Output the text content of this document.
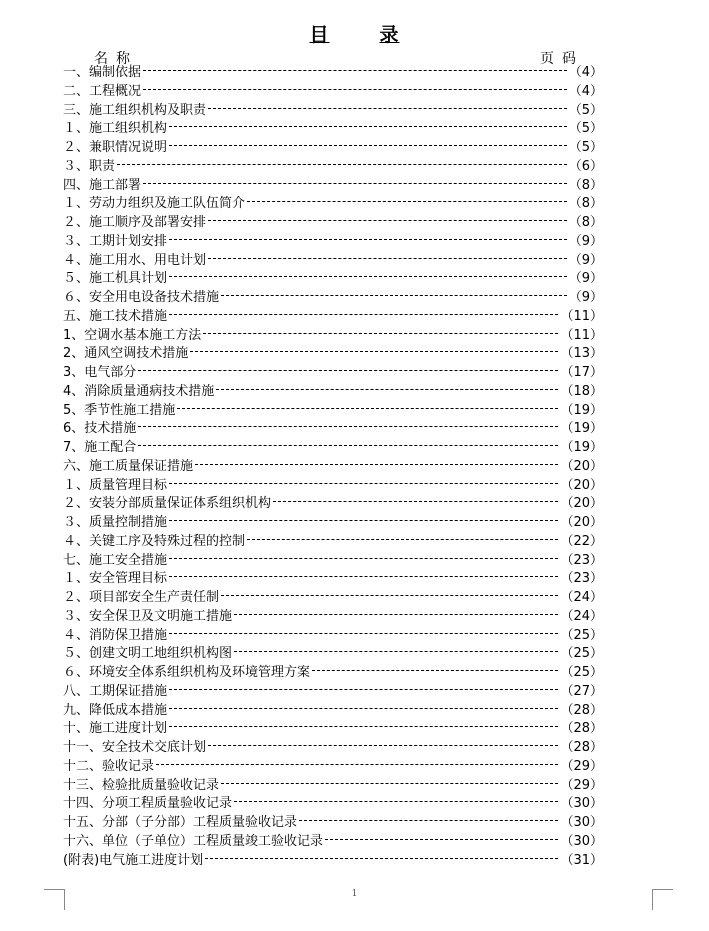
目	录
名称	页码
一、编制依据	（4）
二、工程概况	（4）
三、施工组织机构及职责	（5）
１、施工组织机构	（5）
２、兼职情况说明	（5）
３、职责	（6）
四、施工部署	（8）
１、劳动力组织及施工队伍简介	（8）
２、施工顺序及部署安排	（8）
３、工期计划安排	（9）
４、施工用水、用电计划	（9）
５、施工机具计划	（9）
６、安全用电设备技术措施	（9）
五、施工技术措施	（11）
1、空调水基本施工方法	（11）
2、通风空调技术措施	（13）
3、电气部分	（17）
4、消除质量通病技术措施	（18）
5、季节性施工措施	（19）
6、技术措施	（19）
7、施工配合	（19）
六、施工质量保证措施	（20）
１、质量管理目标	（20）
２、安装分部质量保证体系组织机构	（20）
３、质量控制措施	（20）
４、关键工序及特殊过程的控制	（22）
七、施工安全措施	（23）
１、安全管理目标	（23）
２、项目部安全生产责任制	（24）
３、安全保卫及文明施工措施	（24）
４、消防保卫措施	（25）
５、创建文明工地组织机构图	（25）
６、环境安全体系组织机构及环境管理方案	（25）
八、工期保证措施	（27）
九、降低成本措施	（28）
十、施工进度计划	（28）
十一、安全技术交底计划	（28）
十二、验收记录	（29）
十三、检验批质量验收记录	（29）
十四、分项工程质量验收记录	（30）
十五、分部（子分部）工程质量验收记录	（30）
十六、单位（子单位）工程质量竣工验收记录	（30）
(附表)电气施工进度计划	（31）
1
